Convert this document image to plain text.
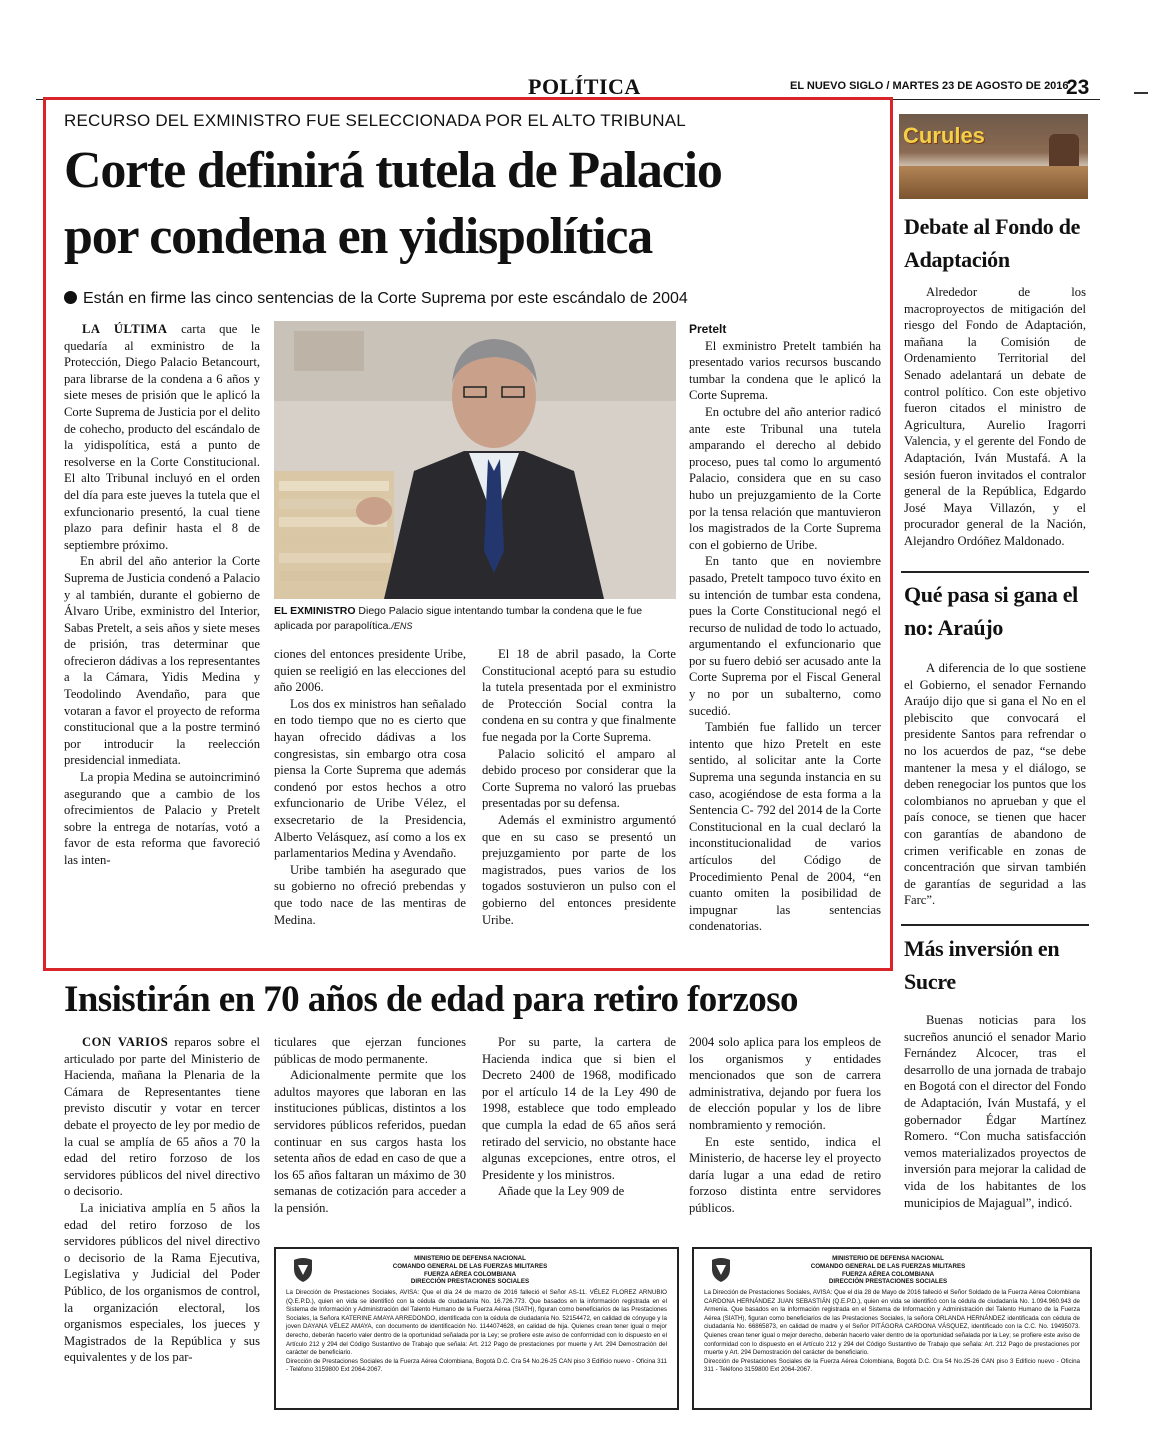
POLÍTICA	EL NUEVO SIGLO / MARTES 23 DE AGOSTO DE 2016
23
RECURSO DEL EXMINISTRO FUE SELECCIONADA POR EL ALTO TRIBUNAL
Corte definirá tutela de Palacio
por condena en yidispolítica
Están en firme las cinco sentencias de la Corte Suprema por este escándalo de 2004

LA ÚLTIMA carta que le quedaría al exministro de la Protección, Diego Palacio Betancourt, para librarse de la condena a 6 años y siete meses de prisión que le aplicó la Corte Suprema de Justicia por el delito de cohecho, producto del escándalo de la yidispolítica, está a punto de resolverse en la Corte Constitucional. El alto Tribunal incluyó en el orden del día para este jueves la tutela que el exfuncionario presentó, la cual tiene plazo para definir hasta el 8 de septiembre próximo.

En abril del año anterior la Corte Suprema de Justicia condenó a Palacio y al también, durante el gobierno de Álvaro Uribe, exministro del Interior, Sabas Pretelt, a seis años y siete meses de prisión, tras determinar que ofrecieron dádivas a los representantes a la Cámara, Yidis Medina y Teodolindo Avendaño, para que votaran a favor el proyecto de reforma constitucional que a la postre terminó por introducir la reelección presidencial inmediata.

La propia Medina se autoincriminó asegurando que a cambio de los ofrecimientos de Palacio y Pretelt sobre la entrega de notarías, votó a favor de esta reforma que favoreció las inten-

EL EXMINISTRO Diego Palacio sigue intentando tumbar la condena que le fue aplicada por parapolítica./ENS

ciones del entonces presidente Uribe, quien se reeligió en las elecciones del año 2006.

Los dos ex ministros han señalado en todo tiempo que no es cierto que hayan ofrecido dádivas a los congresistas, sin embargo otra cosa piensa la Corte Suprema que además condenó por estos hechos a otro exfuncionario de Uribe Vélez, el exsecretario de la Presidencia, Alberto Velásquez, así como a los ex parlamentarios Medina y Avendaño.

Uribe también ha asegurado que su gobierno no ofreció prebendas y que todo nace de las mentiras de Medina.

El 18 de abril pasado, la Corte Constitucional aceptó para su estudio la tutela presentada por el exministro de Protección Social contra la condena en su contra y que finalmente fue negada por la Corte Suprema.

Palacio solicitó el amparo al debido proceso por considerar que la Corte Suprema no valoró las pruebas presentadas por su defensa.

Además el exministro argumentó que en su caso se presentó un prejuzgamiento por parte de los magistrados, pues varios de los togados sostuvieron un pulso con el gobierno del entonces presidente Uribe.

Pretelt

El exministro Pretelt también ha presentado varios recursos buscando tumbar la condena que le aplicó la Corte Suprema.

En octubre del año anterior radicó ante este Tribunal una tutela amparando el derecho al debido proceso, pues tal como lo argumentó Palacio, considera que en su caso hubo un prejuzgamiento de la Corte por la tensa relación que mantuvieron los magistrados de la Corte Suprema con el gobierno de Uribe.

En tanto que en noviembre pasado, Pretelt tampoco tuvo éxito en su intención de tumbar esta condena, pues la Corte Constitucional negó el recurso de nulidad de todo lo actuado, argumentando el exfuncionario que por su fuero debió ser acusado ante la Corte Suprema por el Fiscal General y no por un subalterno, como sucedió.

También fue fallido un tercer intento que hizo Pretelt en este sentido, al solicitar ante la Corte Suprema una segunda instancia en su caso, acogiéndose de esta forma a la Sentencia C- 792 del 2014 de la Corte Constitucional en la cual declaró la inconstitucionalidad de varios artículos del Código de Procedimiento Penal de 2004, “en cuanto omiten la posibilidad de impugnar las sentencias condenatorias.

Curules
Debate al Fondo de Adaptación

Alrededor de los macroproyectos de mitigación del riesgo del Fondo de Adaptación, mañana la Comisión de Ordenamiento Territorial del Senado adelantará un debate de control político. Con este objetivo fueron citados el ministro de Agricultura, Aurelio Iragorri Valencia, y el gerente del Fondo de Adaptación, Iván Mustafá. A la sesión fueron invitados el contralor general de la República, Edgardo José Maya Villazón, y el procurador general de la Nación, Alejandro Ordóñez Maldonado.

Qué pasa si gana el no: Araújo

A diferencia de lo que sostiene el Gobierno, el senador Fernando Araújo dijo que si gana el No en el plebiscito que convocará el presidente Santos para refrendar o no los acuerdos de paz, “se debe mantener la mesa y el diálogo, se deben renegociar los puntos que los colombianos no aprueban y que el país conoce, se tienen que hacer con garantías de abandono de crimen verificable en zonas de concentración que sirvan también de garantías de seguridad a las Farc”.

Más inversión en Sucre

Buenas noticias para los sucreños anunció el senador Mario Fernández Alcocer, tras el desarrollo de una jornada de trabajo en Bogotá con el director del Fondo de Adaptación, Iván Mustafá, y el gobernador Édgar Martínez Romero. “Con mucha satisfacción vemos materializados proyectos de inversión para mejorar la calidad de vida de los habitantes de los municipios de Majagual”, indicó.

Insistirán en 70 años de edad para retiro forzoso

CON VARIOS reparos sobre el articulado por parte del Ministerio de Hacienda, mañana la Plenaria de la Cámara de Representantes tiene previsto discutir y votar en tercer debate el proyecto de ley por medio de la cual se amplía de 65 años a 70 la edad del retiro forzoso de los servidores públicos del nivel directivo o decisorio.

La iniciativa amplía en 5 años la edad del retiro forzoso de los servidores públicos del nivel directivo o decisorio de la Rama Ejecutiva, Legislativa y Judicial del Poder Público, de los organismos de control, la organización electoral, los organismos especiales, los jueces y Magistrados de la República y sus equivalentes y de los par-

ticulares que ejerzan funciones públicas de modo permanente.

Adicionalmente permite que los adultos mayores que laboran en las instituciones públicas, distintos a los servidores públicos referidos, puedan continuar en sus cargos hasta los setenta años de edad en caso de que a los 65 años faltaran un máximo de 30 semanas de cotización para acceder a la pensión.

Por su parte, la cartera de Hacienda indica que si bien el Decreto 2400 de 1968, modificado por el artículo 14 de la Ley 490 de 1998, establece que todo empleado que cumpla la edad de 65 años será retirado del servicio, no obstante hace algunas excepciones, entre otros, el Presidente y los ministros.

Añade que la Ley 909 de

2004 solo aplica para los empleos de los organismos y entidades mencionados que son de carrera administrativa, dejando por fuera los de elección popular y los de libre nombramiento y remoción.

En este sentido, indica el Ministerio, de hacerse ley el proyecto daría lugar a una edad de retiro forzoso distinta entre servidores públicos.

MINISTERIO DE DEFENSA NACIONAL
COMANDO GENERAL DE LAS FUERZAS MILITARES
FUERZA AÉREA COLOMBIANA
DIRECCIÓN PRESTACIONES SOCIALES
La Dirección de Prestaciones Sociales, AVISA: Que el día 24 de marzo de 2016 falleció el Señor AS-11. VÉLEZ FLOREZ ARNUBIO (Q.E.P.D.), quien en vida se identificó con la cédula de ciudadanía No. 16.726.773. Que basados en la información registrada en el Sistema de Información y Administración del Talento Humano de la Fuerza Aérea (SIATH), figuran como beneficiarios de las Prestaciones Sociales, la Señora KATERINE AMAYA ARREDONDO, identificada con la cédula de ciudadanía No. 52154472, en calidad de cónyuge y la joven DAYANA VÉLEZ AMAYA, con documento de identificación No. 1144074628, en calidad de hija. Quienes crean tener igual o mejor derecho, deberán hacerlo valer dentro de la oportunidad señalada por la Ley; se profiere este aviso de conformidad con lo dispuesto en el Artículo 212 y 294 del Código Sustantivo de Trabajo que señala: Art. 212 Pago de prestaciones por muerte y Art. 294 Demostración del carácter de beneficiario.
Dirección de Prestaciones Sociales de la Fuerza Aérea Colombiana, Bogotá D.C. Cra 54 No.26-25 CAN piso 3 Edificio nuevo - Oficina 311 - Teléfono 3159800 Ext 2064-2067.
MINISTERIO DE DEFENSA NACIONAL
COMANDO GENERAL DE LAS FUERZAS MILITARES
FUERZA AÉREA COLOMBIANA
DIRECCIÓN PRESTACIONES SOCIALES
La Dirección de Prestaciones Sociales, AVISA: Que el día 28 de Mayo de 2016 falleció el Señor Soldado de la Fuerza Aérea Colombiana CARDONA HERNÁNDEZ JUAN SEBASTIÁN (Q.E.P.D.), quien en vida se identificó con la cédula de ciudadanía No. 1.094.960.943 de Armenia. Que basados en la información registrada en el Sistema de Información y Administración del Talento Humano de la Fuerza Aérea (SIATH), figuran como beneficiarios de las Prestaciones Sociales, la señora ORLANDA HERNÁNDEZ identificada con cédula de ciudadanía No. 66865873, en calidad de madre y el Señor PITÁGORA CARDONA VÁSQUEZ, identificado con la C.C. No. 19495073. Quienes crean tener igual o mejor derecho, deberán hacerlo valer dentro de la oportunidad señalada por la Ley; se profiere este aviso de conformidad con lo dispuesto en el Artículo 212 y 294 del Código Sustantivo de Trabajo que señala: Art. 212 Pago de prestaciones por muerte y Art. 294 Demostración del carácter de beneficiario.
Dirección de Prestaciones Sociales de la Fuerza Aérea Colombiana, Bogotá D.C. Cra 54 No.25-26 CAN piso 3 Edificio nuevo - Oficina 311 - Teléfono 3159800 Ext 2064-2067.
